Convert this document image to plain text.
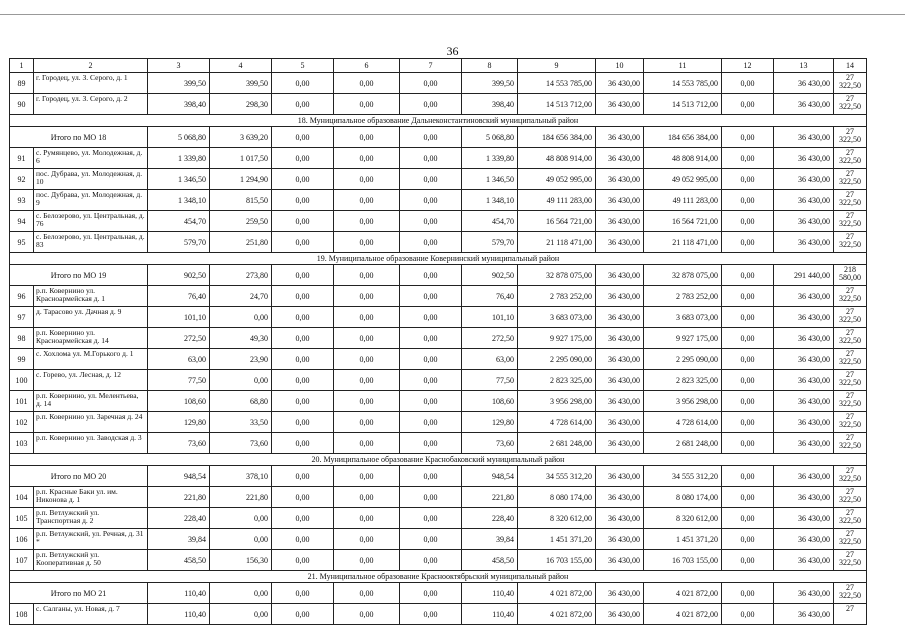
36
1	2	3	4	5	6	7	8	9	10	11	12	13	14
89	г. Городец, ул. З. Серого, д. 1	399,50	399,50	0,00	0,00	0,00	399,50	14 553 785,00	36 430,00	14 553 785,00	0,00	36 430,00	27 322,50
90	г. Городец, ул. З. Серого, д. 2	398,40	298,30	0,00	0,00	0,00	398,40	14 513 712,00	36 430,00	14 513 712,00	0,00	36 430,00	27 322,50
18. Муниципальное образование Дальнеконстантиновский муниципальный район													
Итого по МО 18		5 068,80	3 639,20	0,00	0,00	0,00	5 068,80	184 656 384,00	36 430,00	184 656 384,00	0,00	36 430,00	27 322,50
91	с. Румянцево, ул. Молодежная, д. 6	1 339,80	1 017,50	0,00	0,00	0,00	1 339,80	48 808 914,00	36 430,00	48 808 914,00	0,00	36 430,00	27 322,50
92	пос. Дубрава, ул. Молодежная, д. 10	1 346,50	1 294,90	0,00	0,00	0,00	1 346,50	49 052 995,00	36 430,00	49 052 995,00	0,00	36 430,00	27 322,50
93	пос. Дубрава, ул. Молодежная, д. 9	1 348,10	815,50	0,00	0,00	0,00	1 348,10	49 111 283,00	36 430,00	49 111 283,00	0,00	36 430,00	27 322,50
94	с. Белозерово, ул. Центральная, д. 76	454,70	259,50	0,00	0,00	0,00	454,70	16 564 721,00	36 430,00	16 564 721,00	0,00	36 430,00	27 322,50
95	с. Белозерово, ул. Центральная, д. 83	579,70	251,80	0,00	0,00	0,00	579,70	21 118 471,00	36 430,00	21 118 471,00	0,00	36 430,00	27 322,50
19. Муниципальное образование Ковернинский муниципальный район													
Итого по МО 19		902,50	273,80	0,00	0,00	0,00	902,50	32 878 075,00	36 430,00	32 878 075,00	0,00	291 440,00	218 580,00
96	р.п. Ковернино ул. Красноармейская д. 1	76,40	24,70	0,00	0,00	0,00	76,40	2 783 252,00	36 430,00	2 783 252,00	0,00	36 430,00	27 322,50
97	д. Тарасово ул. Дачная д. 9	101,10	0,00	0,00	0,00	0,00	101,10	3 683 073,00	36 430,00	3 683 073,00	0,00	36 430,00	27 322,50
98	р.п. Ковернино ул. Красноармейская д. 14	272,50	49,30	0,00	0,00	0,00	272,50	9 927 175,00	36 430,00	9 927 175,00	0,00	36 430,00	27 322,50
99	с. Хохлома ул. М.Горького д. 1	63,00	23,90	0,00	0,00	0,00	63,00	2 295 090,00	36 430,00	2 295 090,00	0,00	36 430,00	27 322,50
100	с. Горево, ул. Лесная, д. 12	77,50	0,00	0,00	0,00	0,00	77,50	2 823 325,00	36 430,00	2 823 325,00	0,00	36 430,00	27 322,50
101	р.п. Ковернино, ул. Мелентьева, д. 14	108,60	68,80	0,00	0,00	0,00	108,60	3 956 298,00	36 430,00	3 956 298,00	0,00	36 430,00	27 322,50
102	р.п. Ковернино ул. Заречная д. 24	129,80	33,50	0,00	0,00	0,00	129,80	4 728 614,00	36 430,00	4 728 614,00	0,00	36 430,00	27 322,50
103	р.п. Ковернино ул. Заводская д. 3	73,60	73,60	0,00	0,00	0,00	73,60	2 681 248,00	36 430,00	2 681 248,00	0,00	36 430,00	27 322,50
20. Муниципальное образование Краснобаковский муниципальный район													
Итого по МО 20		948,54	378,10	0,00	0,00	0,00	948,54	34 555 312,20	36 430,00	34 555 312,20	0,00	36 430,00	27 322,50
104	р.п. Красные Баки ул. им. Никонова д. 1	221,80	221,80	0,00	0,00	0,00	221,80	8 080 174,00	36 430,00	8 080 174,00	0,00	36 430,00	27 322,50
105	р.п. Ветлужский ул. Транспортная д. 2	228,40	0,00	0,00	0,00	0,00	228,40	8 320 612,00	36 430,00	8 320 612,00	0,00	36 430,00	27 322,50
106	р.п. Ветлужский, ул. Речная, д. 31 *	39,84	0,00	0,00	0,00	0,00	39,84	1 451 371,20	36 430,00	1 451 371,20	0,00	36 430,00	27 322,50
107	р.п. Ветлужский ул. Кооперативная д. 50	458,50	156,30	0,00	0,00	0,00	458,50	16 703 155,00	36 430,00	16 703 155,00	0,00	36 430,00	27 322,50
21. Муниципальное образование Краснооктябрьский муниципальный район													
Итого по МО 21		110,40	0,00	0,00	0,00	0,00	110,40	4 021 872,00	36 430,00	4 021 872,00	0,00	36 430,00	27 322,50
108	с. Салганы, ул. Новая, д. 7	110,40	0,00	0,00	0,00	0,00	110,40	4 021 872,00	36 430,00	4 021 872,00	0,00	36 430,00	27
